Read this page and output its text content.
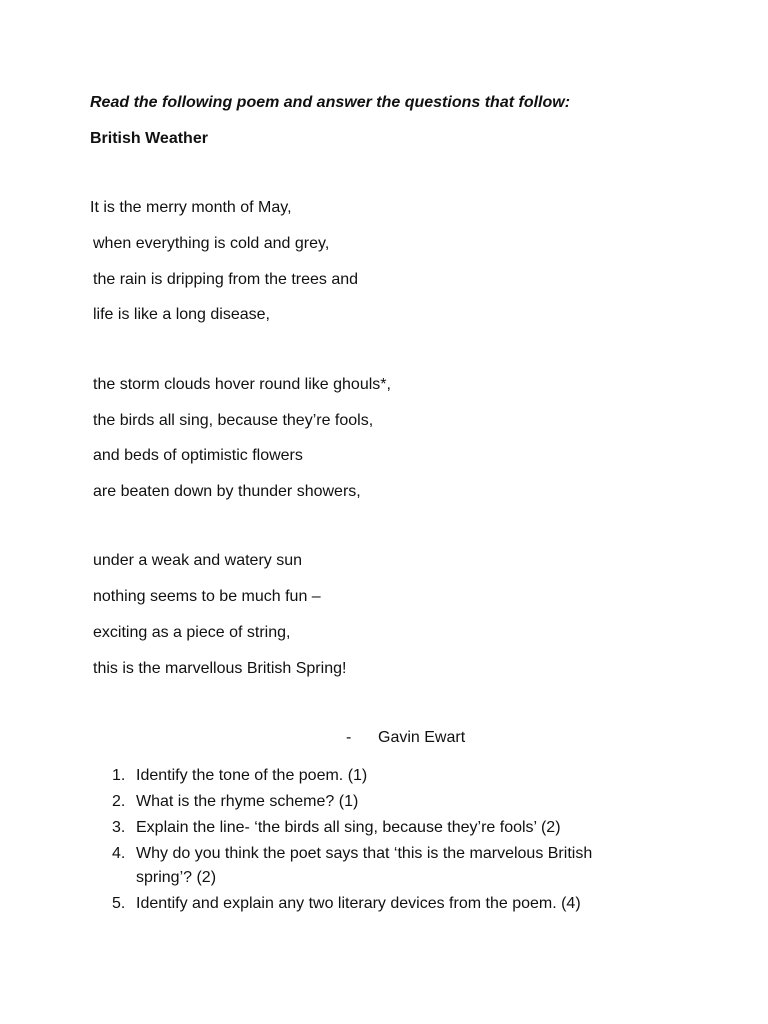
Read the following poem and answer the questions that follow:
British Weather
It is the merry month of May,
when everything is cold and grey,
the rain is dripping from the trees and
life is like a long disease,
the storm clouds hover round like ghouls*,
the birds all sing, because they’re fools,
and beds of optimistic flowers
are beaten down by thunder showers,
under a weak and watery sun
nothing seems to be much fun –
exciting as a piece of string,
this is the marvellous British Spring!
- Gavin Ewart
1. Identify the tone of the poem. (1)
2. What is the rhyme scheme? (1)
3. Explain the line- ‘the birds all sing, because they’re fools’ (2)
4. Why do you think the poet says that ‘this is the marvelous British spring’? (2)
5. Identify and explain any two literary devices from the poem. (4)
